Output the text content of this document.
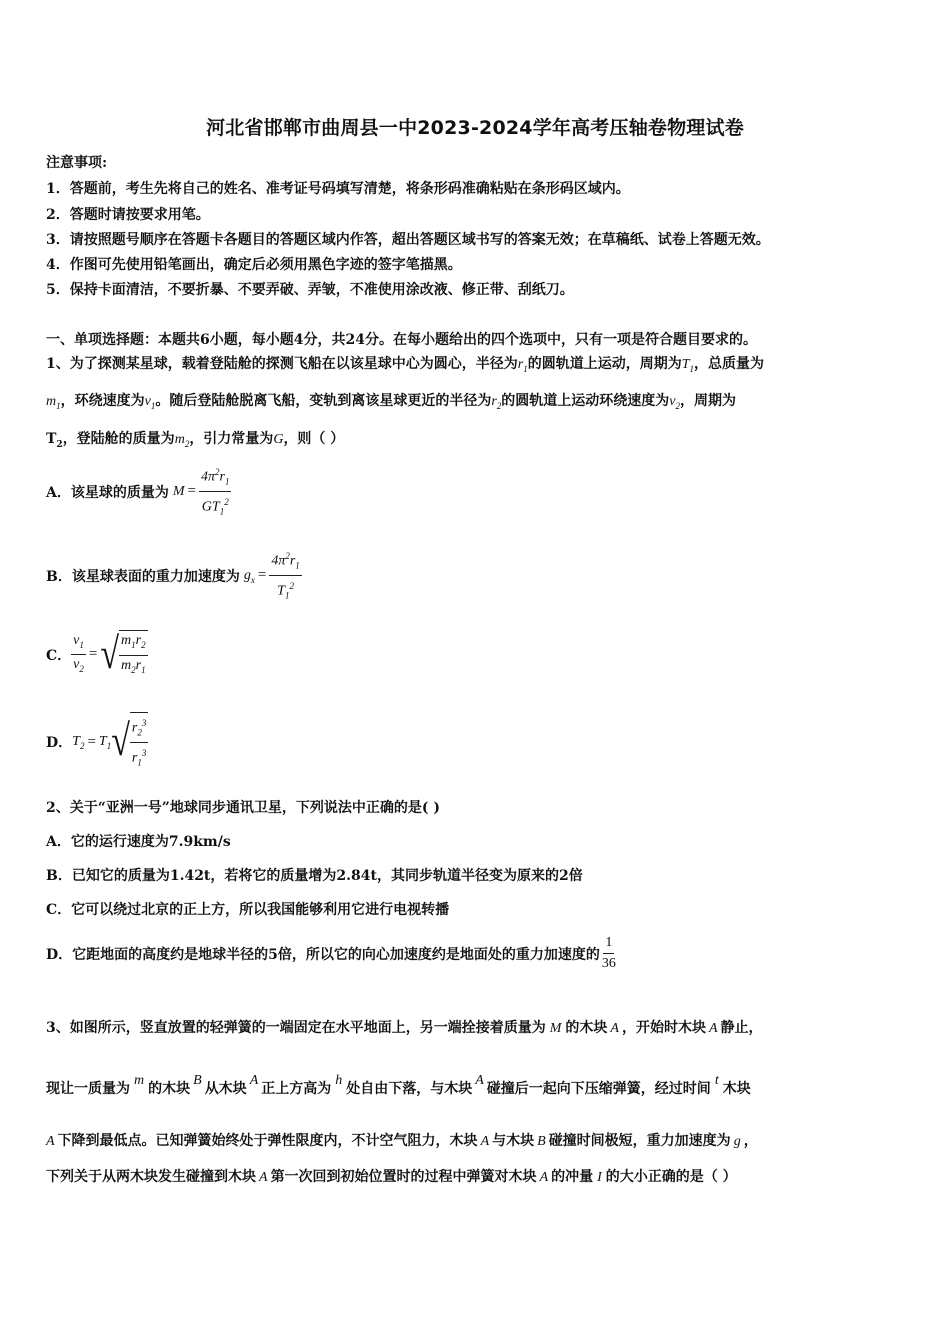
河北省邯郸市曲周县一中2023-2024学年高考压轴卷物理试卷
注意事项:
1．答题前，考生先将自己的姓名、准考证号码填写清楚，将条形码准确粘贴在条形码区域内。
2．答题时请按要求用笔。
3．请按照题号顺序在答题卡各题目的答题区域内作答，超出答题区域书写的答案无效；在草稿纸、试卷上答题无效。
4．作图可先使用铅笔画出，确定后必须用黑色字迹的签字笔描黑。
5．保持卡面清洁，不要折暴、不要弄破、弄皱，不准使用涂改液、修正带、刮纸刀。
一、单项选择题：本题共6小题，每小题4分，共24分。在每小题给出的四个选项中，只有一项是符合题目要求的。
1、为了探测某星球，载着登陆舱的探测飞船在以该星球中心为圆心，半径为$r_1$的圆轨道上运动，周期为$T_1$，总质量为
$m_1$，环绕速度为$v_1$。随后登陆舱脱离飞船，变轨到离该星球更近的半径为$r_2$的圆轨道上运动环绕速度为$v_2$，周期为
$T_2$，登陆舱的质量为$m_2$，引力常量为G，则（ ）
A．该星球的质量为 $M = \frac{4\pi^2r_1}{GT_1^2}$
B．该星球表面的重力加速度为 $g_x = \frac{4\pi^2r_1}{T_1^2}$
C． $\frac{v_1}{v_2}$ = √ $\frac{m_1r_2}{m_2r_1}$
D． $T_2 = T_1$ √ $\frac{r_2^3}{r_1^3}$
2、关于“亚洲一号”地球同步通讯卫星，下列说法中正确的是( )
A．它的运行速度为7.9km/s
B．已知它的质量为1.42t，若将它的质量增为2.84t，其同步轨道半径变为原来的2倍
C．它可以绕过北京的正上方，所以我国能够利用它进行电视转播
D．它距地面的高度约是地球半径的5倍，所以它的向心加速度约是地面处的重力加速度的 $\frac{1}{36}$
3、如图所示，竖直放置的轻弹簧的一端固定在水平地面上，另一端拴接着质量为 M 的木块 A ，开始时木块 A 静止，
现让一质量为m的木块B从木块A正上方高为h处自由下落，与木块A碰撞后一起向下压缩弹簧，经过时间t木块
A 下降到最低点。已知弹簧始终处于弹性限度内，不计空气阻力，木块 A 与木块 B 碰撞时间极短，重力加速度为 g ，
下列关于从两木块发生碰撞到木块 A 第一次回到初始位置时的过程中弹簧对木块 A 的冲量 I 的大小正确的是（ ）
